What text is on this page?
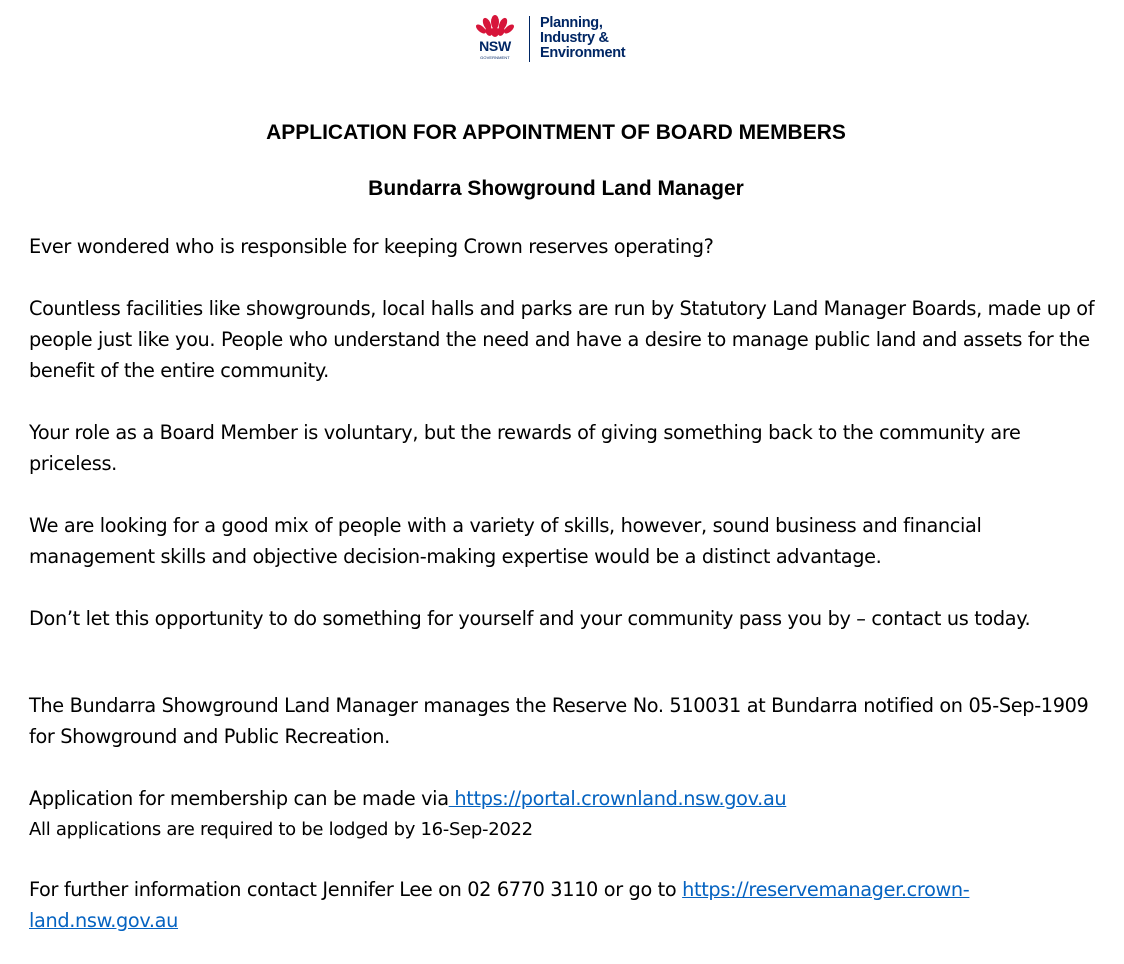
NSW
GOVERNMENT
Planning,
Industry &
Environment
APPLICATION FOR APPOINTMENT OF BOARD MEMBERS
Bundarra Showground Land Manager

Ever wondered who is responsible for keeping Crown reserves operating?

Countless facilities like showgrounds, local halls and parks are run by Statutory Land Manager Boards, made up of people just like you. People who understand the need and have a desire to manage public land and assets for the benefit of the entire community.

Your role as a Board Member is voluntary, but the rewards of giving something back to the community are priceless.

We are looking for a good mix of people with a variety of skills, however, sound business and financial management skills and objective decision-making expertise would be a distinct advantage.

Don’t let this opportunity to do something for yourself and your community pass you by – contact us today.

The Bundarra Showground Land Manager manages the Reserve No. 510031 at Bundarra notified on 05-Sep-1909 for Showground and Public Recreation.

Application for membership can be made via https://portal.crownland.nsw.gov.au

All applications are required to be lodged by 16-Sep-2022

For further information contact Jennifer Lee on 02 6770 3110 or go to https://reservemanager.crown-land.nsw.gov.au
